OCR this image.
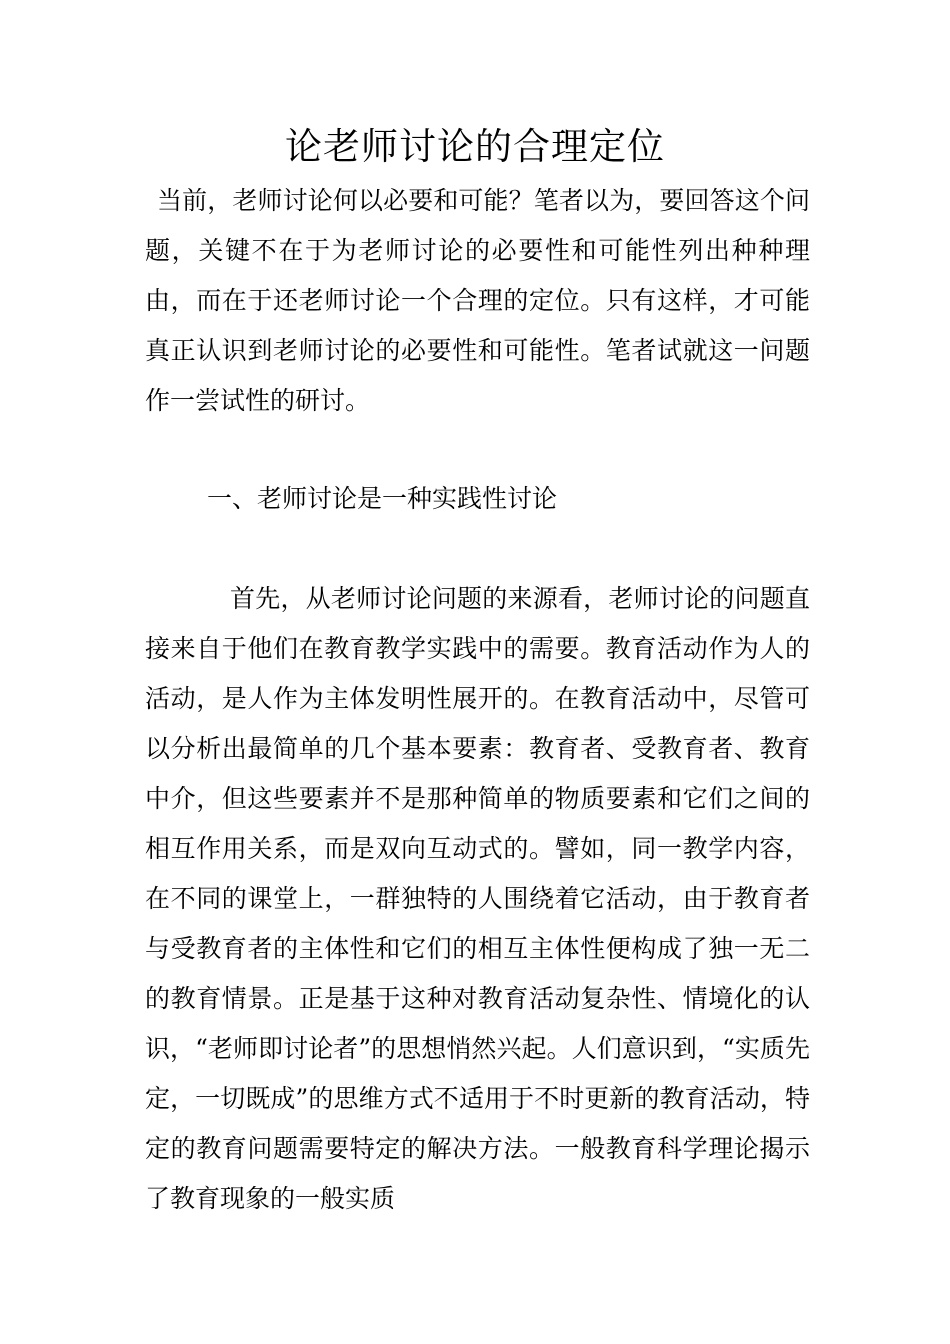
论老师讨论的合理定位

当前，老师讨论何以必要和可能？笔者以为，要回答这个问题，关键不在于为老师讨论的必要性和可能性列出种种理由，而在于还老师讨论一个合理的定位。只有这样，才可能真正认识到老师讨论的必要性和可能性。笔者试就这一问题作一尝试性的研讨。

一、老师讨论是一种实践性讨论

首先，从老师讨论问题的来源看，老师讨论的问题直接来自于他们在教育教学实践中的需要。教育活动作为人的活动，是人作为主体发明性展开的。在教育活动中，尽管可以分析出最简单的几个基本要素：教育者、受教育者、教育中介，但这些要素并不是那种简单的物质要素和它们之间的相互作用关系，而是双向互动式的。譬如，同一教学内容，在不同的课堂上，一群独特的人围绕着它活动，由于教育者与受教育者的主体性和它们的相互主体性便构成了独一无二的教育情景。正是基于这种对教育活动复杂性、情境化的认识，“老师即讨论者”的思想悄然兴起。人们意识到，“实质先定，一切既成”的思维方式不适用于不时更新的教育活动，特定的教育问题需要特定的解决方法。一般教育科学理论揭示了教育现象的一般实质
